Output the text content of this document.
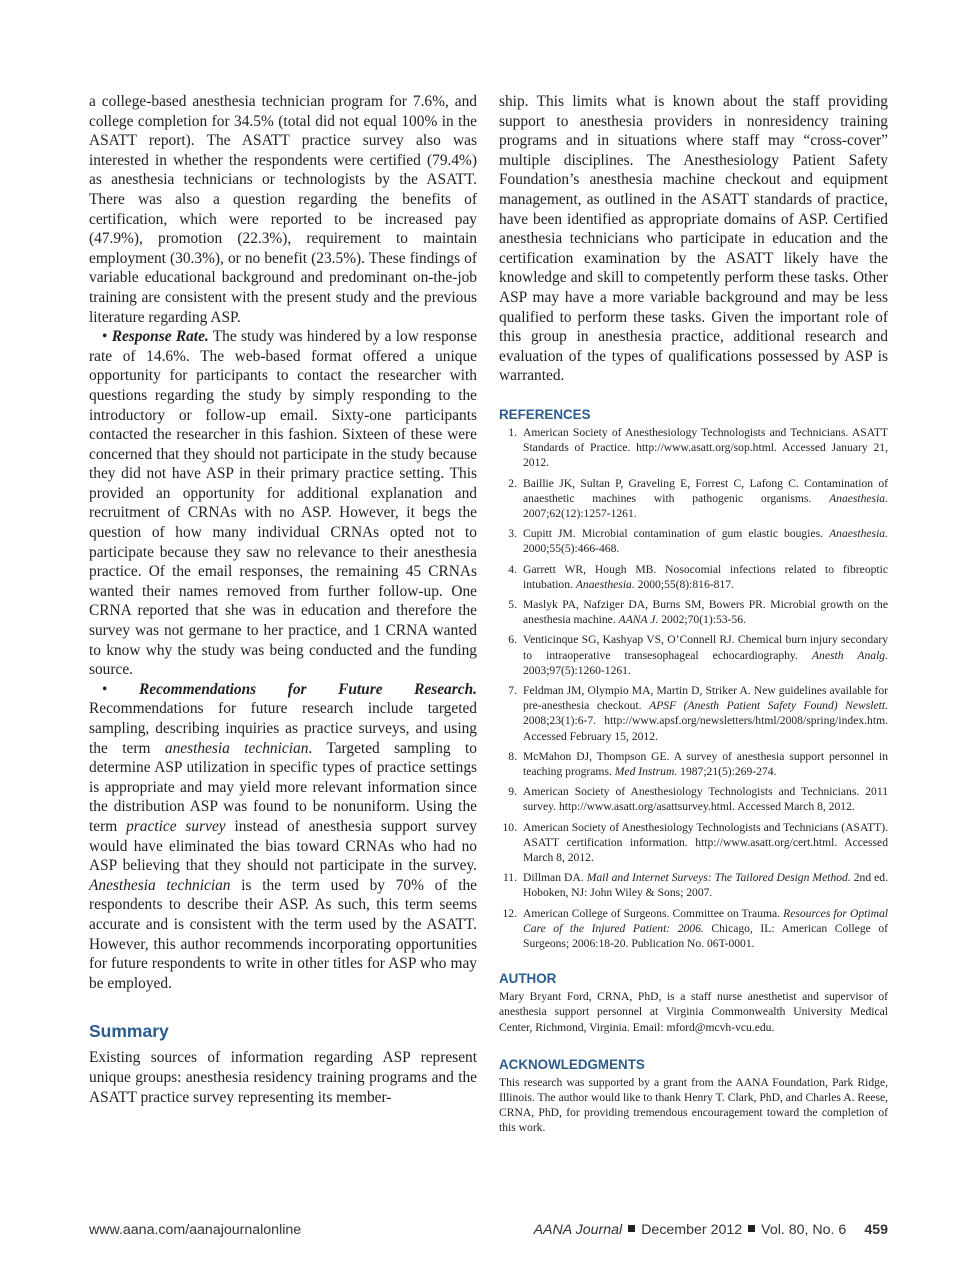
a college-based anesthesia technician program for 7.6%, and college completion for 34.5% (total did not equal 100% in the ASATT report). The ASATT practice survey also was interested in whether the respondents were certified (79.4%) as anesthesia technicians or technologists by the ASATT. There was also a question regarding the benefits of certification, which were reported to be increased pay (47.9%), promotion (22.3%), requirement to maintain employment (30.3%), or no benefit (23.5%). These findings of variable educational background and predominant on-the-job training are consistent with the present study and the previous literature regarding ASP.

• Response Rate. The study was hindered by a low response rate of 14.6%. The web-based format offered a unique opportunity for participants to contact the researcher with questions regarding the study by simply responding to the introductory or follow-up email. Sixty-one participants contacted the researcher in this fashion. Sixteen of these were concerned that they should not participate in the study because they did not have ASP in their primary practice setting. This provided an opportunity for additional explanation and recruitment of CRNAs with no ASP. However, it begs the question of how many individual CRNAs opted not to participate because they saw no relevance to their anesthesia practice. Of the email responses, the remaining 45 CRNAs wanted their names removed from further follow-up. One CRNA reported that she was in education and therefore the survey was not germane to her practice, and 1 CRNA wanted to know why the study was being conducted and the funding source.

• Recommendations for Future Research. Recommendations for future research include targeted sampling, describing inquiries as practice surveys, and using the term anesthesia technician. Targeted sampling to determine ASP utilization in specific types of practice settings is appropriate and may yield more relevant information since the distribution ASP was found to be nonuniform. Using the term practice survey instead of anesthesia support survey would have eliminated the bias toward CRNAs who had no ASP believing that they should not participate in the survey. Anesthesia technician is the term used by 70% of the respondents to describe their ASP. As such, this term seems accurate and is consistent with the term used by the ASATT. However, this author recommends incorporating opportunities for future respondents to write in other titles for ASP who may be employed.

Summary

Existing sources of information regarding ASP represent unique groups: anesthesia residency training programs and the ASATT practice survey representing its member-

ship. This limits what is known about the staff providing support to anesthesia providers in nonresidency training programs and in situations where staff may “cross-cover” multiple disciplines. The Anesthesiology Patient Safety Foundation’s anesthesia machine checkout and equipment management, as outlined in the ASATT standards of practice, have been identified as appropriate domains of ASP. Certified anesthesia technicians who participate in education and the certification examination by the ASATT likely have the knowledge and skill to competently perform these tasks. Other ASP may have a more variable background and may be less qualified to perform these tasks. Given the important role of this group in anesthesia practice, additional research and evaluation of the types of qualifications possessed by ASP is warranted.

REFERENCES
1. American Society of Anesthesiology Technologists and Technicians. ASATT Standards of Practice. http://www.asatt.org/sop.html. Accessed January 21, 2012.
2. Baillie JK, Sultan P, Graveling E, Forrest C, Lafong C. Contamination of anaesthetic machines with pathogenic organisms. Anaesthesia. 2007;62(12):1257-1261.
3. Cupitt JM. Microbial contamination of gum elastic bougies. Anaesthesia. 2000;55(5):466-468.
4. Garrett WR, Hough MB. Nosocomial infections related to fibreoptic intubation. Anaesthesia. 2000;55(8):816-817.
5. Maslyk PA, Nafziger DA, Burns SM, Bowers PR. Microbial growth on the anesthesia machine. AANA J. 2002;70(1):53-56.
6. Venticinque SG, Kashyap VS, O’Connell RJ. Chemical burn injury secondary to intraoperative transesophageal echocardiography. Anesth Analg. 2003;97(5):1260-1261.
7. Feldman JM, Olympio MA, Martin D, Striker A. New guidelines available for pre-anesthesia checkout. APSF (Anesth Patient Safety Found) Newslett. 2008;23(1):6-7. http://www.apsf.org/newsletters/html/2008/spring/index.htm. Accessed February 15, 2012.
8. McMahon DJ, Thompson GE. A survey of anesthesia support personnel in teaching programs. Med Instrum. 1987;21(5):269-274.
9. American Society of Anesthesiology Technologists and Technicians. 2011 survey. http://www.asatt.org/asattsurvey.html. Accessed March 8, 2012.
10. American Society of Anesthesiology Technologists and Technicians (ASATT). ASATT certification information. http://www.asatt.org/cert.html. Accessed March 8, 2012.
11. Dillman DA. Mail and Internet Surveys: The Tailored Design Method. 2nd ed. Hoboken, NJ: John Wiley & Sons; 2007.
12. American College of Surgeons. Committee on Trauma. Resources for Optimal Care of the Injured Patient: 2006. Chicago, IL: American College of Surgeons; 2006:18-20. Publication No. 06T-0001.
AUTHOR

Mary Bryant Ford, CRNA, PhD, is a staff nurse anesthetist and supervisor of anesthesia support personnel at Virginia Commonwealth University Medical Center, Richmond, Virginia. Email: mford@mcvh-vcu.edu.

ACKNOWLEDGMENTS

This research was supported by a grant from the AANA Foundation, Park Ridge, Illinois. The author would like to thank Henry T. Clark, PhD, and Charles A. Reese, CRNA, PhD, for providing tremendous encouragement toward the completion of this work.

www.aana.com/aanajournalonline	AANA Journal December 2012 Vol. 80, No. 6 459
